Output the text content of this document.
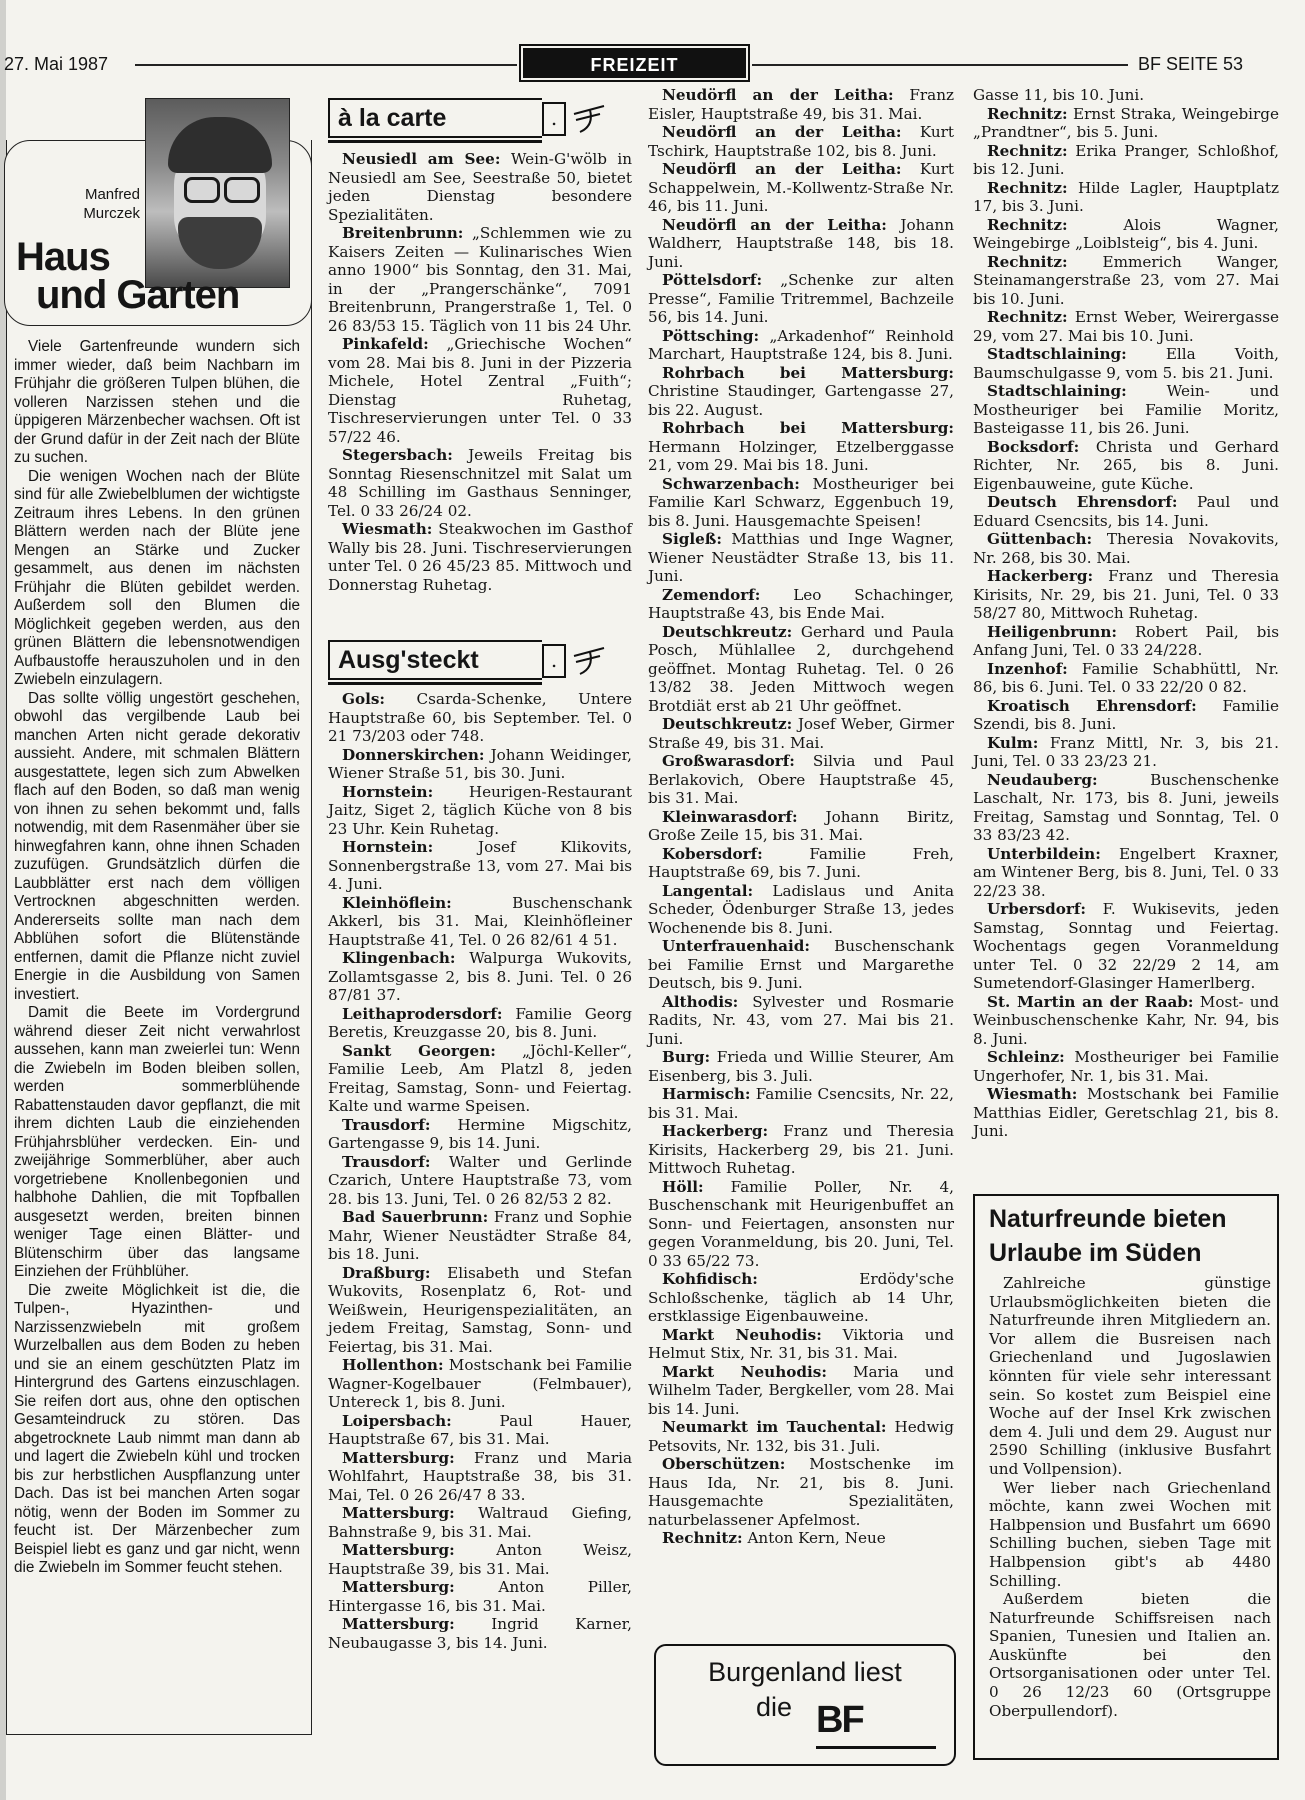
27. Mai 1987	FREIZEIT	BF SEITE 53
Manfred
Murczek
Haus
und Garten

Viele Gartenfreunde wundern sich immer wieder, daß beim Nachbarn im Frühjahr die größeren Tulpen blühen, die volleren Narzissen stehen und die üppigeren Märzenbecher wachsen. Oft ist der Grund dafür in der Zeit nach der Blüte zu suchen.

Die wenigen Wochen nach der Blüte sind für alle Zwiebelblumen der wichtigste Zeitraum ihres Lebens. In den grünen Blättern werden nach der Blüte jene Mengen an Stärke und Zucker gesammelt, aus denen im nächsten Frühjahr die Blüten gebildet werden. Außerdem soll den Blumen die Möglichkeit gegeben werden, aus den grünen Blättern die lebensnotwendigen Aufbaustoffe herauszuholen und in den Zwiebeln einzulagern.

Das sollte völlig ungestört geschehen, obwohl das vergilbende Laub bei manchen Arten nicht gerade dekorativ aussieht. Andere, mit schmalen Blättern ausgestattete, legen sich zum Abwelken flach auf den Boden, so daß man wenig von ihnen zu sehen bekommt und, falls notwendig, mit dem Rasenmäher über sie hinwegfahren kann, ohne ihnen Schaden zuzufügen. Grundsätzlich dürfen die Laubblätter erst nach dem völligen Vertrocknen abgeschnitten werden. Andererseits sollte man nach dem Abblühen sofort die Blütenstände entfernen, damit die Pflanze nicht zuviel Energie in die Ausbildung von Samen investiert.

Damit die Beete im Vordergrund während dieser Zeit nicht verwahrlost aussehen, kann man zweierlei tun: Wenn die Zwiebeln im Boden bleiben sollen, werden sommerblühende Rabattenstauden davor gepflanzt, die mit ihrem dichten Laub die einziehenden Frühjahrsblüher verdecken. Ein- und zweijährige Sommerblüher, aber auch vorgetriebene Knollenbegonien und halbhohe Dahlien, die mit Topfballen ausgesetzt werden, breiten binnen weniger Tage einen Blätter- und Blütenschirm über das langsame Einziehen der Frühblüher.

Die zweite Möglichkeit ist die, die Tulpen-, Hyazinthen- und Narzissenzwiebeln mit großem Wurzelballen aus dem Boden zu heben und sie an einem geschützten Platz im Hintergrund des Gartens einzuschlagen. Sie reifen dort aus, ohne den optischen Gesamteindruck zu stören. Das abgetrocknete Laub nimmt man dann ab und lagert die Zwiebeln kühl und trocken bis zur herbstlichen Auspflanzung unter Dach. Das ist bei manchen Arten sogar nötig, wenn der Boden im Sommer zu feucht ist. Der Märzenbecher zum Beispiel liebt es ganz und gar nicht, wenn die Zwiebeln im Sommer feucht stehen.

à la carte	.

Neusiedl am See: Wein-G'wölb in Neusiedl am See, Seestraße 50, bietet jeden Dienstag besondere Spezialitäten.

Breitenbrunn: „Schlemmen wie zu Kaisers Zeiten — Kulinarisches Wien anno 1900“ bis Sonntag, den 31. Mai, in der „Prangerschänke“, 7091 Breitenbrunn, Prangerstraße 1, Tel. 0 26 83/53 15. Täglich von 11 bis 24 Uhr.

Pinkafeld: „Griechische Wochen“ vom 28. Mai bis 8. Juni in der Pizzeria Michele, Hotel Zentral „Fuith“; Dienstag Ruhetag, Tischreservierungen unter Tel. 0 33 57/22 46.

Stegersbach: Jeweils Freitag bis Sonntag Riesenschnitzel mit Salat um 48 Schilling im Gasthaus Senninger, Tel. 0 33 26/24 02.

Wiesmath: Steakwochen im Gasthof Wally bis 28. Juni. Tischreservierungen unter Tel. 0 26 45/23 85. Mittwoch und Donnerstag Ruhetag.

Ausg'steckt	.

Gols: Csarda-Schenke, Untere Hauptstraße 60, bis September. Tel. 0 21 73/203 oder 748.

Donnerskirchen: Johann Weidinger, Wiener Straße 51, bis 30. Juni.

Hornstein: Heurigen-Restaurant Jaitz, Siget 2, täglich Küche von 8 bis 23 Uhr. Kein Ruhetag.

Hornstein:	Josef Klikovits, Sonnenbergstraße 13, vom 27. Mai bis 4. Juni.

Kleinhöflein:	Buschenschank Akkerl, bis 31. Mai, Kleinhöfleiner Hauptstraße 41, Tel. 0 26 82/61 4 51.

Klingenbach: Walpurga Wukovits, Zollamtsgasse 2, bis 8. Juni. Tel. 0 26 87/81 37.

Leithaprodersdorf: Familie Georg Beretis, Kreuzgasse 20, bis 8. Juni.

Sankt Georgen: „Jöchl-Keller“, Familie Leeb, Am Platzl 8, jeden Freitag, Samstag, Sonn- und Feiertag. Kalte und warme Speisen.

Trausdorf: Hermine Migschitz, Gartengasse 9, bis 14. Juni.

Trausdorf: Walter und Gerlinde Czarich, Untere Hauptstraße 73, vom 28. bis 13. Juni, Tel. 0 26 82/53 2 82.

Bad Sauerbrunn: Franz und Sophie Mahr, Wiener Neustädter Straße 84, bis 18. Juni.

Draßburg: Elisabeth und Stefan Wukovits, Rosenplatz 6, Rot- und Weißwein, Heurigenspezialitäten, an jedem Freitag, Samstag, Sonn- und Feiertag, bis 31. Mai.

Hollenthon: Mostschank bei Familie Wagner-Kogelbauer (Felmbauer), Untereck 1, bis 8. Juni.

Loipersbach:	Paul Hauer, Hauptstraße 67, bis 31. Mai.

Mattersburg: Franz und Maria Wohlfahrt, Hauptstraße 38, bis 31. Mai, Tel. 0 26 26/47 8 33.

Mattersburg: Waltraud Giefing, Bahnstraße 9, bis 31. Mai.

Mattersburg:	Anton Weisz, Hauptstraße 39, bis 31. Mai.

Mattersburg:	Anton Piller, Hintergasse 16, bis 31. Mai.

Mattersburg: Ingrid Karner, Neubaugasse 3, bis 14. Juni.

Neudörfl an der Leitha: Franz Eisler, Hauptstraße 49, bis 31. Mai.

Neudörfl an der Leitha: Kurt Tschirk, Hauptstraße 102, bis 8. Juni.

Neudörfl an der Leitha: Kurt Schappelwein, M.-Kollwentz-Straße Nr. 46, bis 11. Juni.

Neudörfl an der Leitha: Johann Waldherr, Hauptstraße 148, bis 18. Juni.

Pöttelsdorf: „Schenke zur alten Presse“, Familie Tritremmel, Bachzeile 56, bis 14. Juni.

Pöttsching: „Arkadenhof“ Reinhold Marchart, Hauptstraße 124, bis 8. Juni.

Rohrbach bei Mattersburg: Christine Staudinger, Gartengasse 27, bis 22. August.

Rohrbach bei Mattersburg: Hermann Holzinger, Etzelberggasse 21, vom 29. Mai bis 18. Juni.

Schwarzenbach: Mostheuriger bei Familie Karl Schwarz, Eggenbuch 19, bis 8. Juni. Hausgemachte Speisen!

Sigleß: Matthias und Inge Wagner, Wiener Neustädter Straße 13, bis 11. Juni.

Zemendorf: Leo Schachinger, Hauptstraße 43, bis Ende Mai.

Deutschkreutz: Gerhard und Paula Posch, Mühlallee 2, durchgehend geöffnet. Montag Ruhetag. Tel. 0 26 13/82 38. Jeden Mittwoch wegen Brotdiät erst ab 21 Uhr geöffnet.

Deutschkreutz: Josef Weber, Girmer Straße 49, bis 31. Mai.

Großwarasdorf: Silvia und Paul Berlakovich, Obere Hauptstraße 45, bis 31. Mai.

Kleinwarasdorf: Johann Biritz, Große Zeile 15, bis 31. Mai.

Kobersdorf:	Familie Freh, Hauptstraße 69, bis 7. Juni.

Langental: Ladislaus und Anita Scheder, Ödenburger Straße 13, jedes Wochenende bis 8. Juni.

Unterfrauenhaid: Buschenschank bei Familie Ernst und Margarethe Deutsch, bis 9. Juni.

Althodis: Sylvester und Rosmarie Radits, Nr. 43, vom 27. Mai bis 21. Juni.

Burg: Frieda und Willie Steurer, Am Eisenberg, bis 3. Juli.

Harmisch: Familie Csencsits, Nr. 22, bis 31. Mai.

Hackerberg: Franz und Theresia Kirisits, Hackerberg 29, bis 21. Juni. Mittwoch Ruhetag.

Höll: Familie Poller, Nr. 4, Buschenschank mit Heurigenbuffet an Sonn- und Feiertagen, ansonsten nur gegen Voranmeldung, bis 20. Juni, Tel. 0 33 65/22 73.

Kohfidisch:	Erdödy'sche Schloßschenke, täglich ab 14 Uhr, erstklassige Eigenbauweine.

Markt Neuhodis: Viktoria und Helmut Stix, Nr. 31, bis 31. Mai.

Markt Neuhodis: Maria und Wilhelm Tader, Bergkeller, vom 28. Mai bis 14. Juni.

Neumarkt im Tauchental: Hedwig Petsovits, Nr. 132, bis 31. Juli.

Oberschützen: Mostschenke im Haus Ida, Nr. 21, bis 8. Juni. Hausgemachte Spezialitäten, naturbelassener Apfelmost.

Rechnitz: Anton Kern, Neue

Burgenland liest
die BF

Gasse 11, bis 10. Juni.

Rechnitz: Ernst Straka, Weingebirge „Prandtner“, bis 5. Juni.

Rechnitz: Erika Pranger, Schloßhof, bis 12. Juni.

Rechnitz: Hilde Lagler, Hauptplatz 17, bis 3. Juni.

Rechnitz:	Alois Wagner, Weingebirge „Loiblsteig“, bis 4. Juni.

Rechnitz: Emmerich Wanger, Steinamangerstraße 23, vom 27. Mai bis 10. Juni.

Rechnitz: Ernst Weber, Weirergasse 29, vom 27. Mai bis 10. Juni.

Stadtschlaining:	Ella Voith, Baumschulgasse 9, vom 5. bis 21. Juni.

Stadtschlaining:	Wein- und Mostheuriger bei Familie Moritz, Basteigasse 11, bis 26. Juni.

Bocksdorf: Christa und Gerhard Richter, Nr. 265, bis 8. Juni. Eigenbauweine, gute Küche.

Deutsch Ehrensdorf: Paul und Eduard Csencsits, bis 14. Juni.

Güttenbach: Theresia Novakovits, Nr. 268, bis 30. Mai.

Hackerberg: Franz und Theresia Kirisits, Nr. 29, bis 21. Juni, Tel. 0 33 58/27 80, Mittwoch Ruhetag.

Heiligenbrunn: Robert Pail, bis Anfang Juni, Tel. 0 33 24/228.

Inzenhof: Familie Schabhüttl, Nr. 86, bis 6. Juni. Tel. 0 33 22/20 0 82.

Kroatisch Ehrensdorf: Familie Szendi, bis 8. Juni.

Kulm: Franz Mittl, Nr. 3, bis 21. Juni, Tel. 0 33 23/23 21.

Neudauberg:	Buschenschenke Laschalt, Nr. 173, bis 8. Juni, jeweils Freitag, Samstag und Sonntag, Tel. 0 33 83/23 42.

Unterbildein: Engelbert Kraxner, am Wintener Berg, bis 8. Juni, Tel. 0 33 22/23 38.

Urbersdorf: F. Wukisevits, jeden Samstag, Sonntag und Feiertag. Wochentags gegen Voranmeldung unter Tel. 0 32 22/29 2 14, am Sumetendorf-Glasinger Hamerlberg.

St. Martin an der Raab: Most- und Weinbuschenschenke Kahr, Nr. 94, bis 8. Juni.

Schleinz: Mostheuriger bei Familie Ungerhofer, Nr. 1, bis 31. Mai.

Wiesmath: Mostschank bei Familie Matthias Eidler, Geretschlag 21, bis 8. Juni.

Naturfreunde bieten Urlaube im Süden

Zahlreiche günstige Urlaubsmöglichkeiten bieten die Naturfreunde ihren Mitgliedern an. Vor allem die Busreisen nach Griechenland und Jugoslawien könnten für viele sehr interessant sein. So kostet zum Beispiel eine Woche auf der Insel Krk zwischen dem 4. Juli und dem 29. August nur 2590 Schilling (inklusive Busfahrt und Vollpension).

Wer lieber nach Griechenland möchte, kann zwei Wochen mit Halbpension und Busfahrt um 6690 Schilling buchen, sieben Tage mit Halbpension gibt's ab 4480 Schilling.

Außerdem bieten die Naturfreunde Schiffsreisen nach Spanien, Tunesien und Italien an. Auskünfte bei den Ortsorganisationen oder unter Tel. 0 26 12/23 60 (Ortsgruppe Oberpullendorf).
